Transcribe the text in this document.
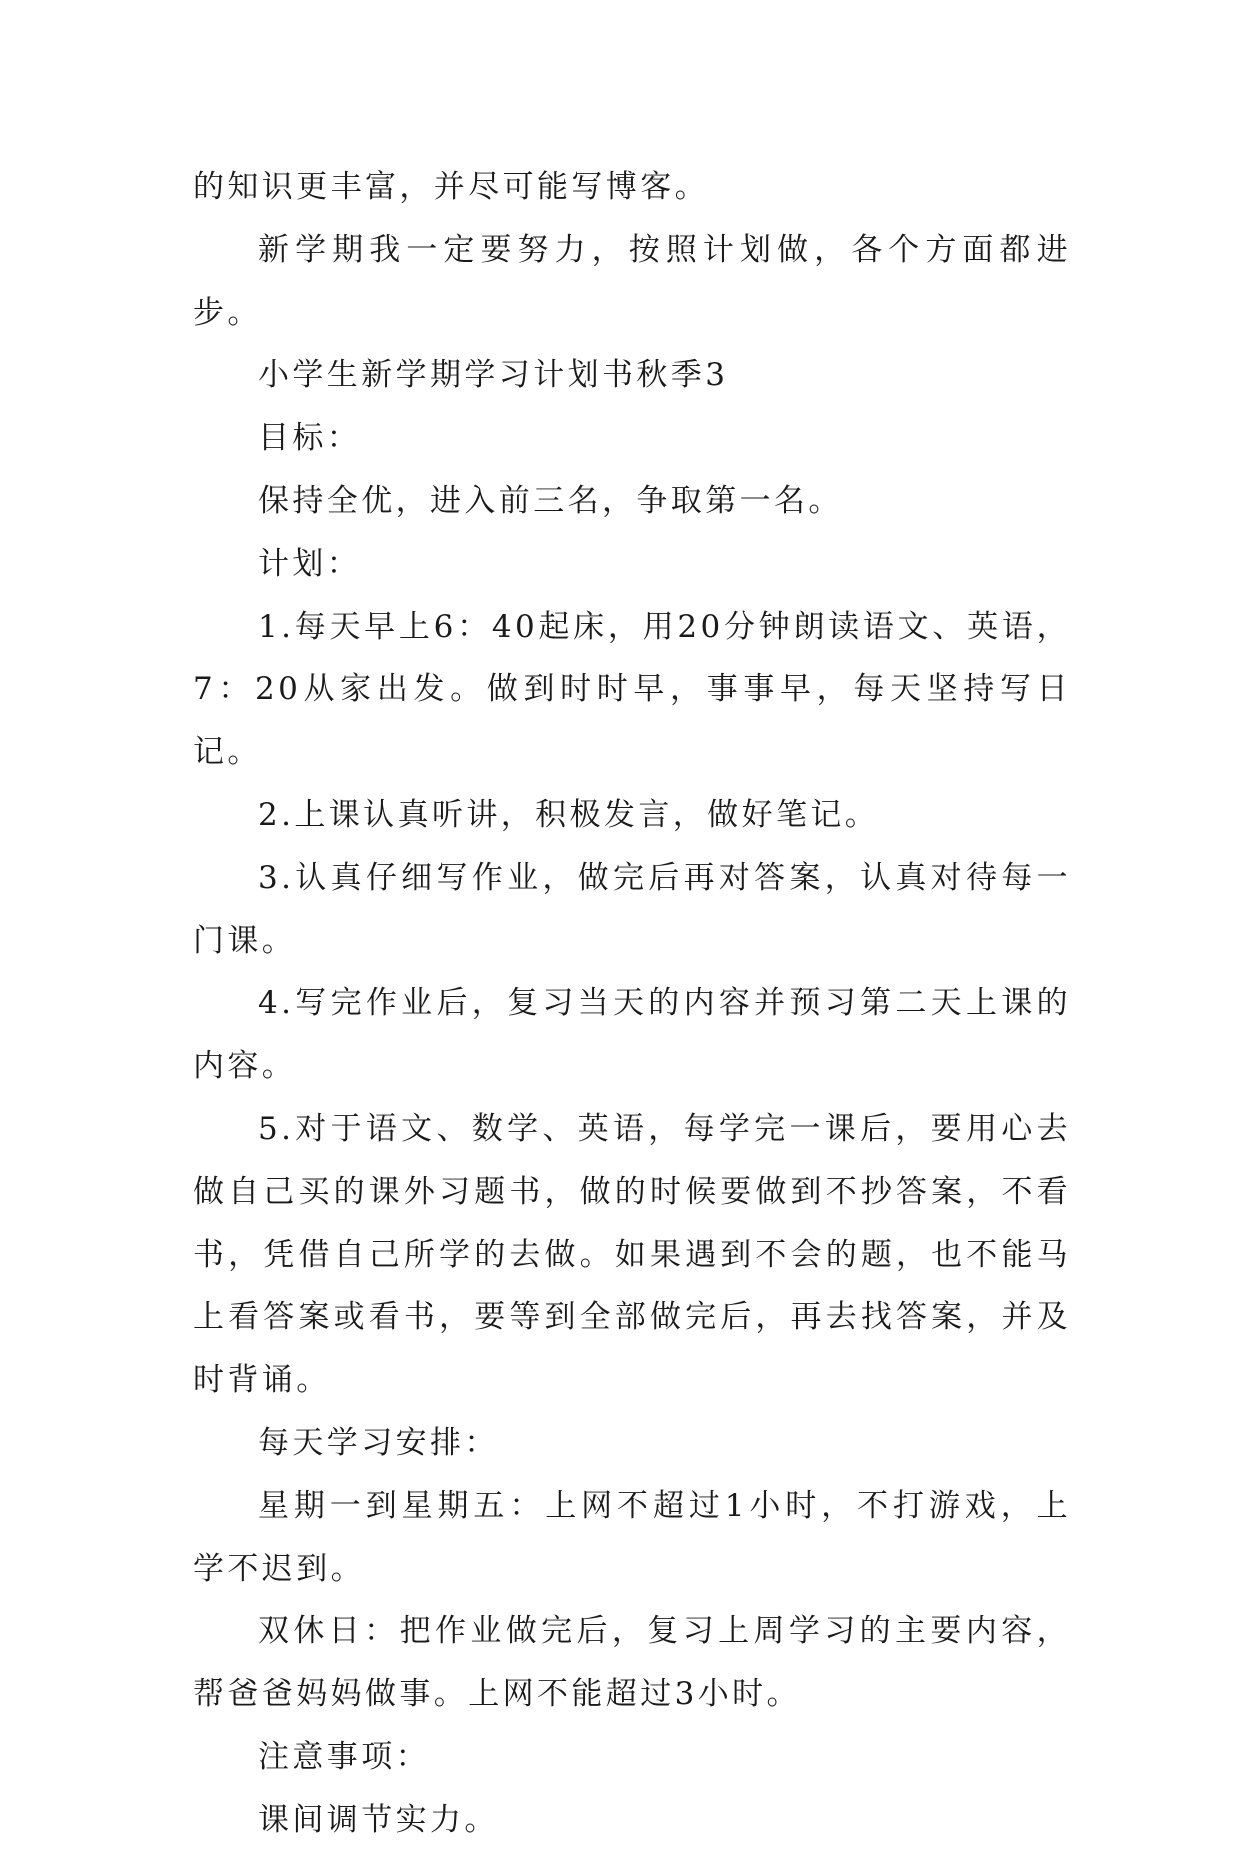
的知识更丰富，并尽可能写博客。

新学期我一定要努力，按照计划做，各个方面都进步。

小学生新学期学习计划书秋季3

目标：

保持全优，进入前三名，争取第一名。

计划：

1.每天早上6：40起床，用20分钟朗读语文、英语，7：20从家出发。做到时时早，事事早，每天坚持写日记。

2.上课认真听讲，积极发言，做好笔记。

3.认真仔细写作业，做完后再对答案，认真对待每一门课。

4.写完作业后，复习当天的内容并预习第二天上课的内容。

5.对于语文、数学、英语，每学完一课后，要用心去做自己买的课外习题书，做的时候要做到不抄答案，不看书，凭借自己所学的去做。如果遇到不会的题，也不能马上看答案或看书，要等到全部做完后，再去找答案，并及时背诵。

每天学习安排：

星期一到星期五：上网不超过1小时，不打游戏，上学不迟到。

双休日：把作业做完后，复习上周学习的主要内容，帮爸爸妈妈做事。上网不能超过3小时。

注意事项：

课间调节实力。
